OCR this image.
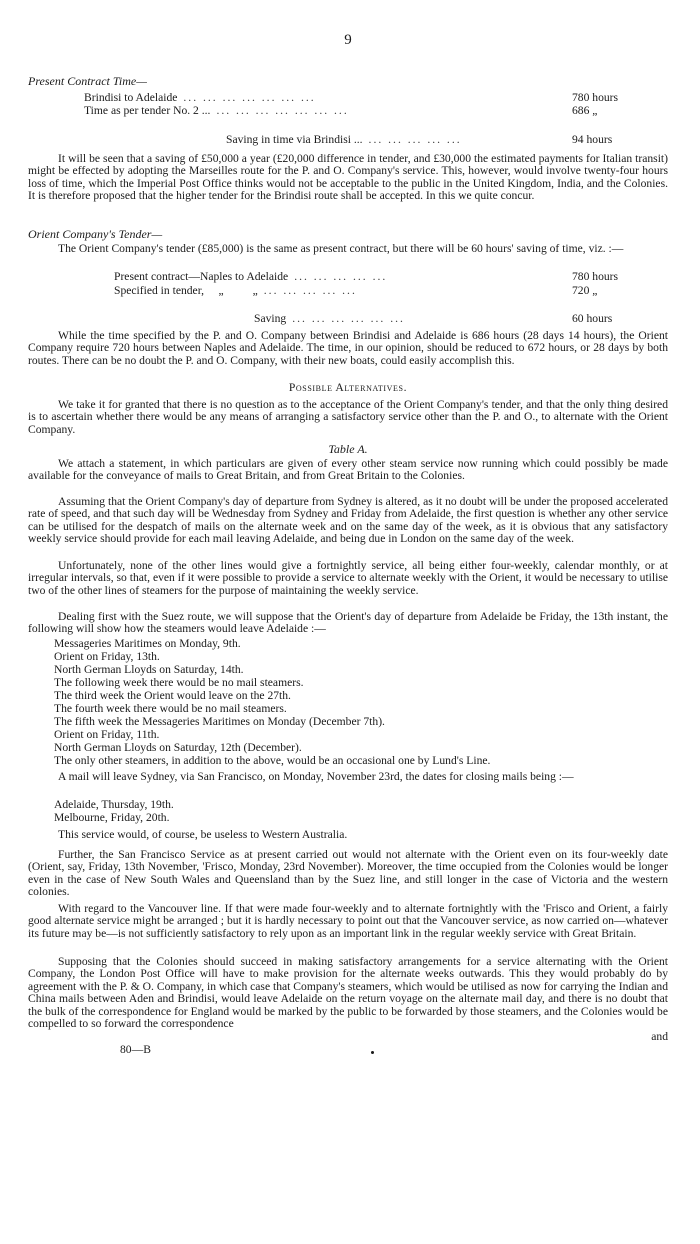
9
Present Contract Time—
Brindisi to Adelaide ... ... ... ... ... ... ...	780 hours
Time as per tender No. 2 ... ... ... ... ... ... ... ...	686 „
Saving in time via Brindisi ... ... ... ... ... ...	94 hours
It will be seen that a saving of £50,000 a year (£20,000 difference in tender, and £30,000 the estimated payments for Italian transit) might be effected by adopting the Marseilles route for the P. and O. Company's service. This, however, would involve twenty-four hours loss of time, which the Imperial Post Office thinks would not be acceptable to the public in the United Kingdom, India, and the Colonies. It is therefore proposed that the higher tender for the Brindisi route shall be accepted. In this we quite concur.
Orient Company's Tender—
The Orient Company's tender (£85,000) is the same as present contract, but there will be 60 hours' saving of time, viz. :—
Present contract—Naples to Adelaide ... ... ... ... ...	780 hours
Specified in tender,     „          „ ... ... ... ... ...	720 „
Saving ... ... ... ... ... ...	60 hours
While the time specified by the P. and O. Company between Brindisi and Adelaide is 686 hours (28 days 14 hours), the Orient Company require 720 hours between Naples and Adelaide. The time, in our opinion, should be reduced to 672 hours, or 28 days by both routes. There can be no doubt the P. and O. Company, with their new boats, could easily accomplish this.
Possible Alternatives.
We take it for granted that there is no question as to the acceptance of the Orient Company's tender, and that the only thing desired is to ascertain whether there would be any means of arranging a satisfactory service other than the P. and O., to alternate with the Orient Company.
Table A.
We attach a statement, in which particulars are given of every other steam service now running which could possibly be made available for the conveyance of mails to Great Britain, and from Great Britain to the Colonies.
Assuming that the Orient Company's day of departure from Sydney is altered, as it no doubt will be under the proposed accelerated rate of speed, and that such day will be Wednesday from Sydney and Friday from Adelaide, the first question is whether any other service can be utilised for the despatch of mails on the alternate week and on the same day of the week, as it is obvious that any satisfactory weekly service should provide for each mail leaving Adelaide, and being due in London on the same day of the week.
Unfortunately, none of the other lines would give a fortnightly service, all being either four-weekly, calendar monthly, or at irregular intervals, so that, even if it were possible to provide a service to alternate weekly with the Orient, it would be necessary to utilise two of the other lines of steamers for the purpose of maintaining the weekly service.
Dealing first with the Suez route, we will suppose that the Orient's day of departure from Adelaide be Friday, the 13th instant, the following will show how the steamers would leave Adelaide :—
Messageries Maritimes on Monday, 9th.
Orient on Friday, 13th.
North German Lloyds on Saturday, 14th.
The following week there would be no mail steamers.
The third week the Orient would leave on the 27th.
The fourth week there would be no mail steamers.
The fifth week the Messageries Maritimes on Monday (December 7th).
Orient on Friday, 11th.
North German Lloyds on Saturday, 12th (December).
The only other steamers, in addition to the above, would be an occasional one by Lund's Line.
A mail will leave Sydney, via San Francisco, on Monday, November 23rd, the dates for closing mails being :—
Adelaide, Thursday, 19th.
Melbourne, Friday, 20th.
This service would, of course, be useless to Western Australia.
Further, the San Francisco Service as at present carried out would not alternate with the Orient even on its four-weekly date (Orient, say, Friday, 13th November, 'Frisco, Monday, 23rd November). Moreover, the time occupied from the Colonies would be longer even in the case of New South Wales and Queensland than by the Suez line, and still longer in the case of Victoria and the western colonies.
With regard to the Vancouver line. If that were made four-weekly and to alternate fortnightly with the 'Frisco and Orient, a fairly good alternate service might be arranged ; but it is hardly necessary to point out that the Vancouver service, as now carried on—whatever its future may be—is not sufficiently satisfactory to rely upon as an important link in the regular weekly service with Great Britain.
Supposing that the Colonies should succeed in making satisfactory arrangements for a service alternating with the Orient Company, the London Post Office will have to make provision for the alternate weeks outwards. This they would probably do by agreement with the P. & O. Company, in which case that Company's steamers, which would be utilised as now for carrying the Indian and China mails between Aden and Brindisi, would leave Adelaide on the return voyage on the alternate mail day, and there is no doubt that the bulk of the correspondence for England would be marked by the public to be forwarded by those steamers, and the Colonies would be compelled to so forward the correspondence
and
80—B
